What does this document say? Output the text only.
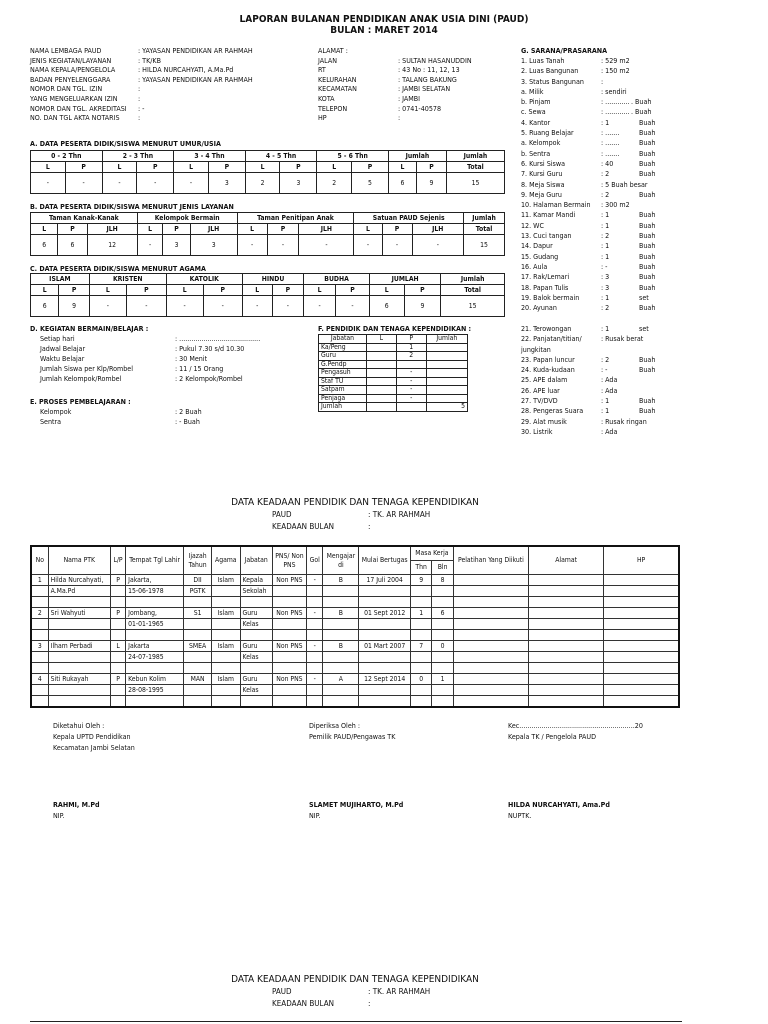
LAPORAN BULANAN PENDIDIKAN ANAK USIA DINI (PAUD)
BULAN : MARET 2014
NAMA LEMBAGA PAUD	: YAYASAN PENDIDIKAN AR RAHMAH
JENIS KEGIATAN/LAYANAN	: TK/KB
NAMA KEPALA/PENGELOLA	: HILDA NURCAHYATI, A.Ma.Pd
BADAN PENYELENGGARA	: YAYASAN PENDIDIKAN AR RAHMAH
NOMOR DAN TGL. IZIN	:
YANG MENGELUARKAN IZIN	:
NOMOR DAN TGL. AKREDITASI : -
NO. DAN TGL AKTA NOTARIS	:
ALAMAT :
JALAN	: SULTAN HASANUDDIN
RT	: 43 No : 11, 12, 13
KELURAHAN	: TALANG BAKUNG
KECAMATAN	: JAMBI SELATAN
KOTA	: JAMBI
TELEPON	: 0741-40578
HP	:
A. DATA PESERTA DIDIK/SISWA MENURUT UMUR/USIA
0 - 2 Thn		2 - 3 Thn		3 - 4 Thn		4 - 5 Thn		5 - 6 Thn		Jumlah		Jumlah
L	P	L	P	L	P	L	P	L	P	L	P	Total
-	-	-	-	-	3	2	3	2	5	6	9	15
B. DATA PESERTA DIDIK/SISWA MENURUT JENIS LAYANAN
Taman Kanak-Kanak			Kelompok Bermain			Taman Penitipan Anak			Satuan PAUD Sejenis			Jumlah
L	P	JLH	L	P	JLH	L	P	JLH	L	P	JLH	Total
6	6	12	-	3	3	-	-	-	-	-	-	15
C. DATA PESERTA DIDIK/SISWA MENURUT AGAMA
ISLAM		KRISTEN		KATOLIK		HINDU		BUDHA		JUMLAH		Jumlah
L	P	L	P	L	P	L	P	L	P	L	P	Total
6	9	-	-	-	-	-	-	-	-	6	9	15
D. KEGIATAN BERMAIN/BELAJAR :
Setiap hari	: ........................................
Jadwal Belajar	: Pukul 7.30 s/d 10.30
Waktu Belajar	: 30 Menit
Jumlah Siswa per Klp/Rombel	: 11 / 15 Orang
Jumlah Kelompok/Rombel	: 2 Kelompok/Rombel
E. PROSES PEMBELAJARAN :
Kelompok	: 2 Buah
Sentra	: - Buah
F. PENDIDIK DAN TENAGA KEPENDIDIKAN :
Jabatan	L	P	Jumlah
Ka/Peng		1	
Guru		2	
G.Pendp			
Pengasuh		-	
Staf TU		-	
Satpam		-	
Penjaga		-	
Jumlah			5
G. SARANA/PRASARANA
1. Luas Tanah	: 529 m2
2. Luas Bangunan	: 150 m2
3. Status Bangunan :
a. Milik	: sendiri
b. Pinjam	: ............ . Buah
c. Sewa	: ............ . Buah
4. Kantor	: 1	Buah
5. Ruang Belajar	: .......	Buah
a. Kelompok	: .......	Buah
b. Sentra	: .......	Buah
6. Kursi Siswa	: 40	Buah
7. Kursi Guru	: 2	Buah
8. Meja Siswa	: 5 Buah besar
9. Meja Guru	: 2	Buah
10. Halaman Bermain : 300 m2
11. Kamar Mandi	: 1	Buah
12. WC	: 1	Buah
13. Cuci tangan	: 2	Buah
14. Dapur	: 1	Buah
15. Gudang	: 1	Buah
16. Aula	: -	Buah
17. Rak/Lemari	: 3	Buah
18. Papan Tulis	: 3	Buah
19. Balok bermain	: 1	set
20. Ayunan	: 2	Buah
21. Terowongan	: 1	set
22. Panjatan/titian/	: Rusak berat
jungkitan
23. Papan luncur	: 2	Buah
24. Kuda-kudaan	: -	Buah
25. APE dalam	: Ada
26. APE luar	: Ada
27. TV/DVD	: 1	Buah
28. Pengeras Suara	: 1	Buah
29. Alat musik	: Rusak ringan
30. Listrik	: Ada
DATA KEADAAN PENDIDIK DAN TENAGA KEPENDIDIKAN
PAUD	: TK. AR RAHMAH
KEADAAN BULAN	:
No	Nama PTK	L/P	Tempat Tgl Lahir	Ijazah Tahun	Agama	Jabatan	PNS/ Non PNS	Gol	Mengajar di	Mulai Bertugas	Masa Kerja		Pelatihan Yang Diikuti	Alamat	HP
											Thn	Bln			
1	Hilda Nurcahyati,	P	Jakarta,	DII	Islam	Kepala	Non PNS	-	B	17 Juli 2004	9	8			
	A.Ma.Pd		15-06-1978	PGTK		Sekolah									

2	Sri Wahyuti	P	Jombang,	S1	Islam	Guru	Non PNS	-	B	01 Sept 2012	1	6			
			01-01-1965			Kelas									

3	Ilham Perbadi	L	Jakarta	SMEA	Islam	Guru	Non PNS	-	B	01 Mart 2007	7	0			
			24-07-1985			Kelas									

4	Siti Rukayah	P	Kebun Kolim	MAN	Islam	Guru	Non PNS	-	A	12 Sept 2014	0	1			
			28-08-1995			Kelas									

Diketahui Oleh :
Kepala UPTD Pendidikan
Kecamatan Jambi Selatan
Diperiksa Oleh :
Pemilik PAUD/Pengawas TK
Kec.........................................................20
Kepala TK / Pengelola PAUD
RAHMI, M.Pd
NIP.
SLAMET MUJIHARTO, M.Pd
NIP.
HILDA NURCAHYATI, Ama.Pd
NUPTK.
DATA KEADAAN PENDIDIK DAN TENAGA KEPENDIDIKAN
PAUD	: TK. AR RAHMAH
KEADAAN BULAN	:
